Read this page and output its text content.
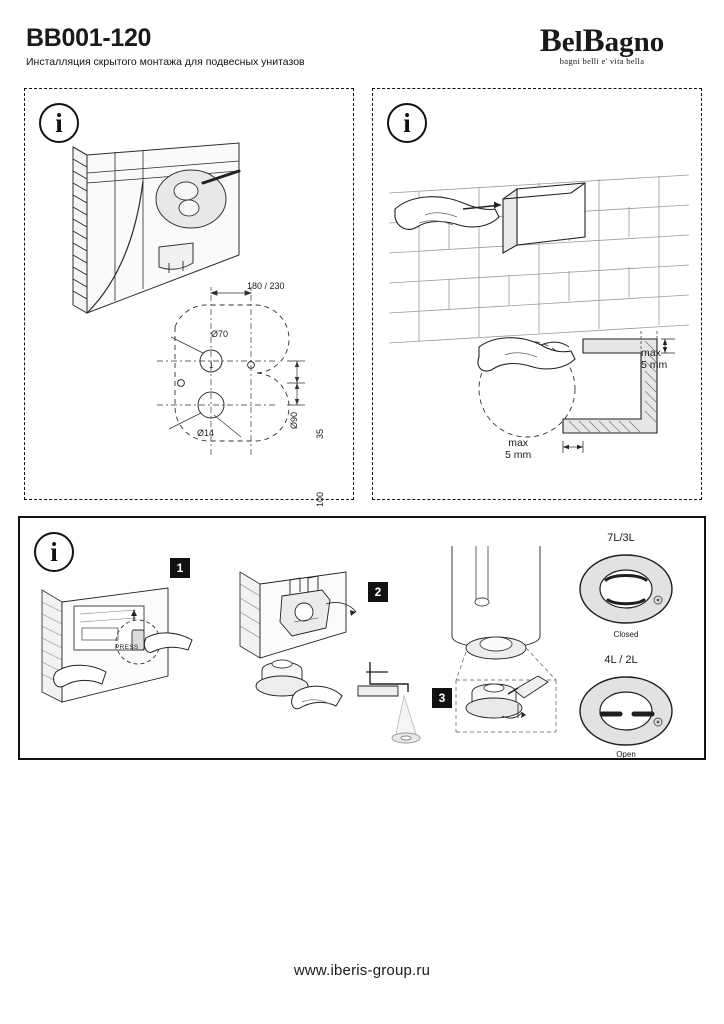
BB001-120
Инсталляция скрытого монтажа для подвесных унитазов
BelBagno
bagni belli e' vita bella
i
180 / 230
Ø70
Ø14
Ø90
35
100
1
i
max
5 mm
max
5 mm
i
PRESS
1
2
3
7L/3L
Closed
4L / 2L
Open
www.iberis-group.ru
